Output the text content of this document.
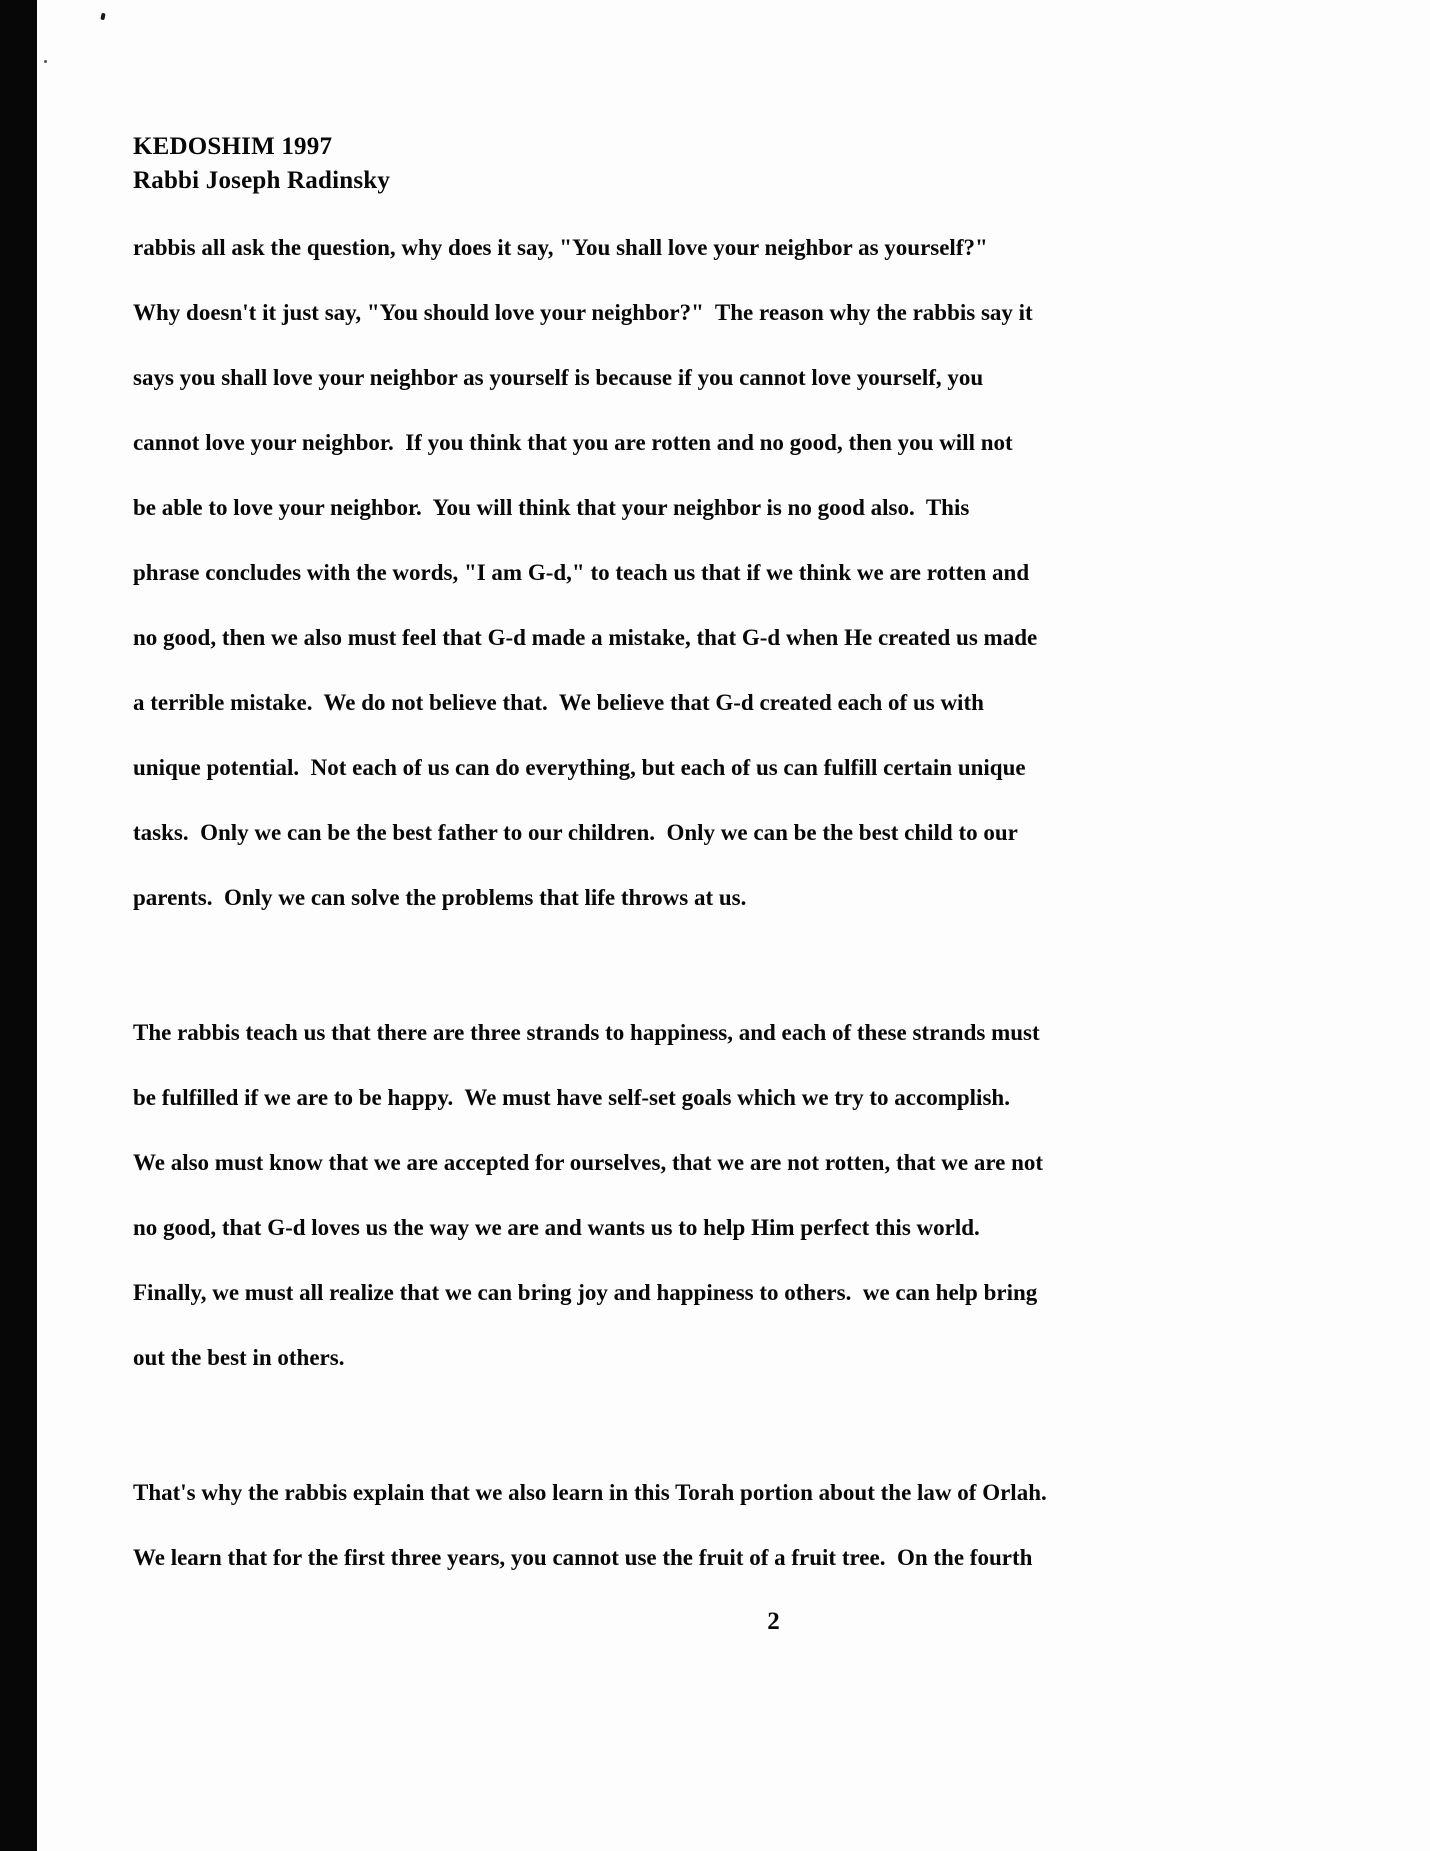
KEDOSHIM 1997
Rabbi Joseph Radinsky
rabbis all ask the question, why does it say, "You shall love your neighbor as yourself?"
Why doesn't it just say, "You should love your neighbor?"  The reason why the rabbis say it
says you shall love your neighbor as yourself is because if you cannot love yourself, you
cannot love your neighbor.  If you think that you are rotten and no good, then you will not
be able to love your neighbor.  You will think that your neighbor is no good also.  This
phrase concludes with the words, "I am G-d," to teach us that if we think we are rotten and
no good, then we also must feel that G-d made a mistake, that G-d when He created us made
a terrible mistake.  We do not believe that.  We believe that G-d created each of us with
unique potential.  Not each of us can do everything, but each of us can fulfill certain unique
tasks.  Only we can be the best father to our children.  Only we can be the best child to our
parents.  Only we can solve the problems that life throws at us.
The rabbis teach us that there are three strands to happiness, and each of these strands must
be fulfilled if we are to be happy.  We must have self-set goals which we try to accomplish.
We also must know that we are accepted for ourselves, that we are not rotten, that we are not
no good, that G-d loves us the way we are and wants us to help Him perfect this world.
Finally, we must all realize that we can bring joy and happiness to others.  we can help bring
out the best in others.
That's why the rabbis explain that we also learn in this Torah portion about the law of Orlah.
We learn that for the first three years, you cannot use the fruit of a fruit tree.  On the fourth
2
